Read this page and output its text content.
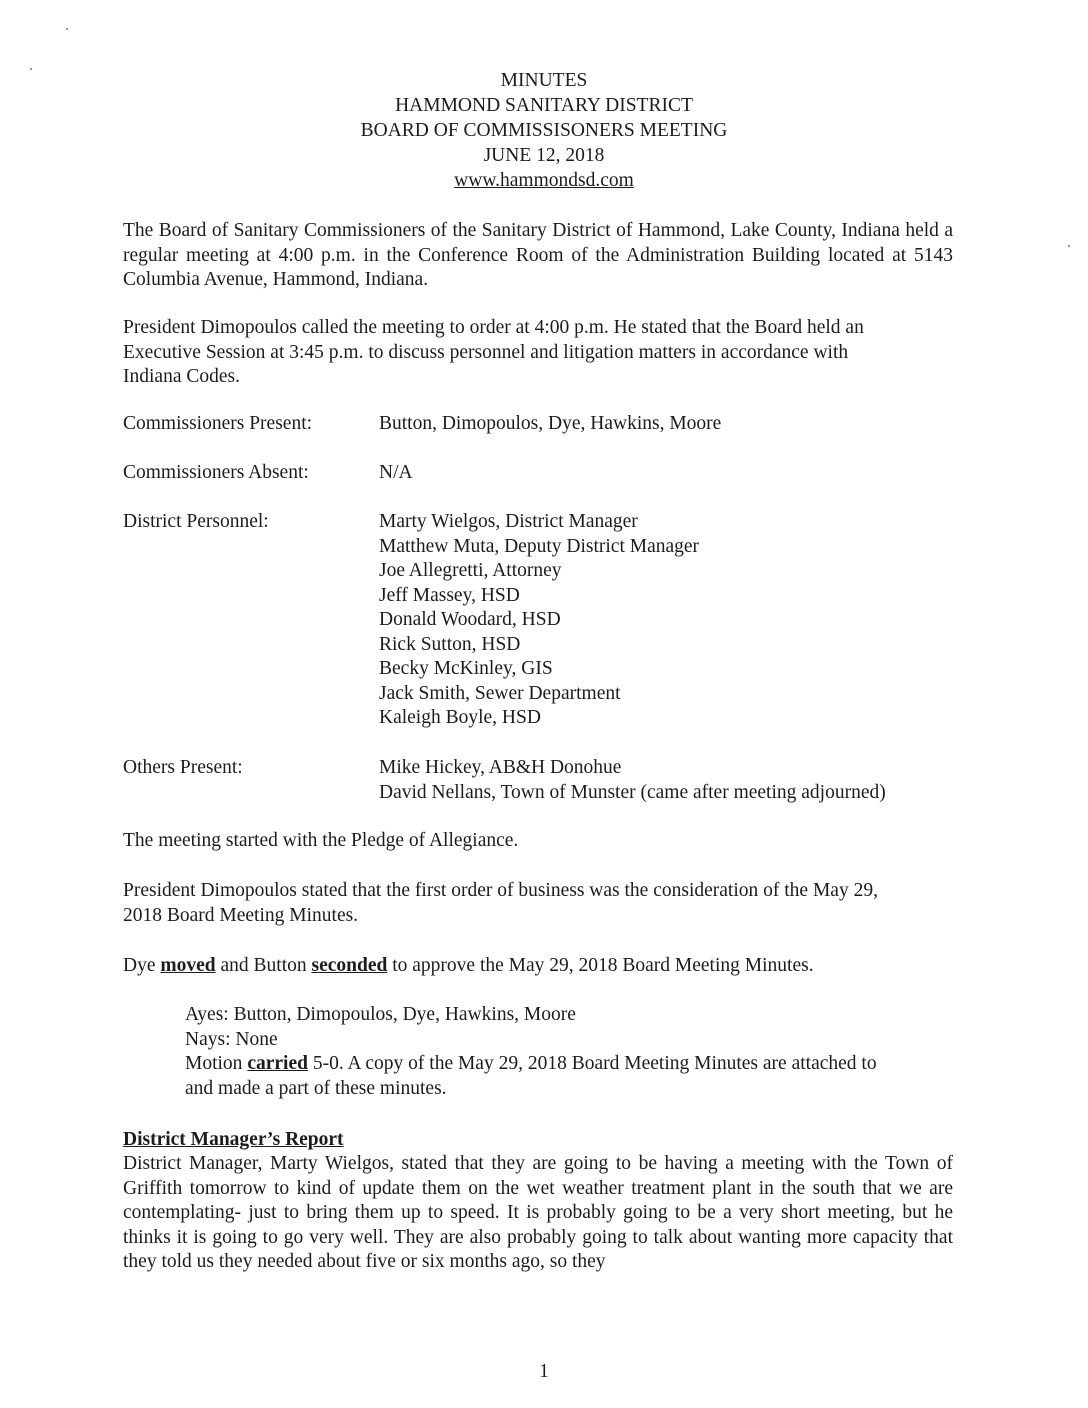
MINUTES
HAMMOND SANITARY DISTRICT
BOARD OF COMMISSISONERS MEETING
JUNE 12, 2018
www.hammondsd.com

The Board of Sanitary Commissioners of the Sanitary District of Hammond, Lake County, Indiana held a regular meeting at 4:00 p.m. in the Conference Room of the Administration Building located at 5143 Columbia Avenue, Hammond, Indiana.

President Dimopoulos called the meeting to order at 4:00 p.m. He stated that the Board held an
Executive Session at 3:45 p.m. to discuss personnel and litigation matters in accordance with
Indiana Codes.
Commissioners Present:	Button, Dimopoulos, Dye, Hawkins, Moore
Commissioners Absent:	N/A
District Personnel:	Marty Wielgos, District Manager
Matthew Muta, Deputy District Manager
Joe Allegretti, Attorney
Jeff Massey, HSD
Donald Woodard, HSD
Rick Sutton, HSD
Becky McKinley, GIS
Jack Smith, Sewer Department
Kaleigh Boyle, HSD
Others Present:	Mike Hickey, AB&H Donohue
David Nellans, Town of Munster (came after meeting adjourned)

The meeting started with the Pledge of Allegiance.

President Dimopoulos stated that the first order of business was the consideration of the May 29,
2018 Board Meeting Minutes.

Dye moved and Button seconded to approve the May 29, 2018 Board Meeting Minutes.

Ayes: Button, Dimopoulos, Dye, Hawkins, Moore
Nays: None
Motion carried 5-0. A copy of the May 29, 2018 Board Meeting Minutes are attached to
and made a part of these minutes.
District Manager’s Report

District Manager, Marty Wielgos, stated that they are going to be having a meeting with the Town of Griffith tomorrow to kind of update them on the wet weather treatment plant in the south that we are contemplating- just to bring them up to speed. It is probably going to be a very short meeting, but he thinks it is going to go very well. They are also probably going to talk about wanting more capacity that they told us they needed about five or six months ago, so they

1
